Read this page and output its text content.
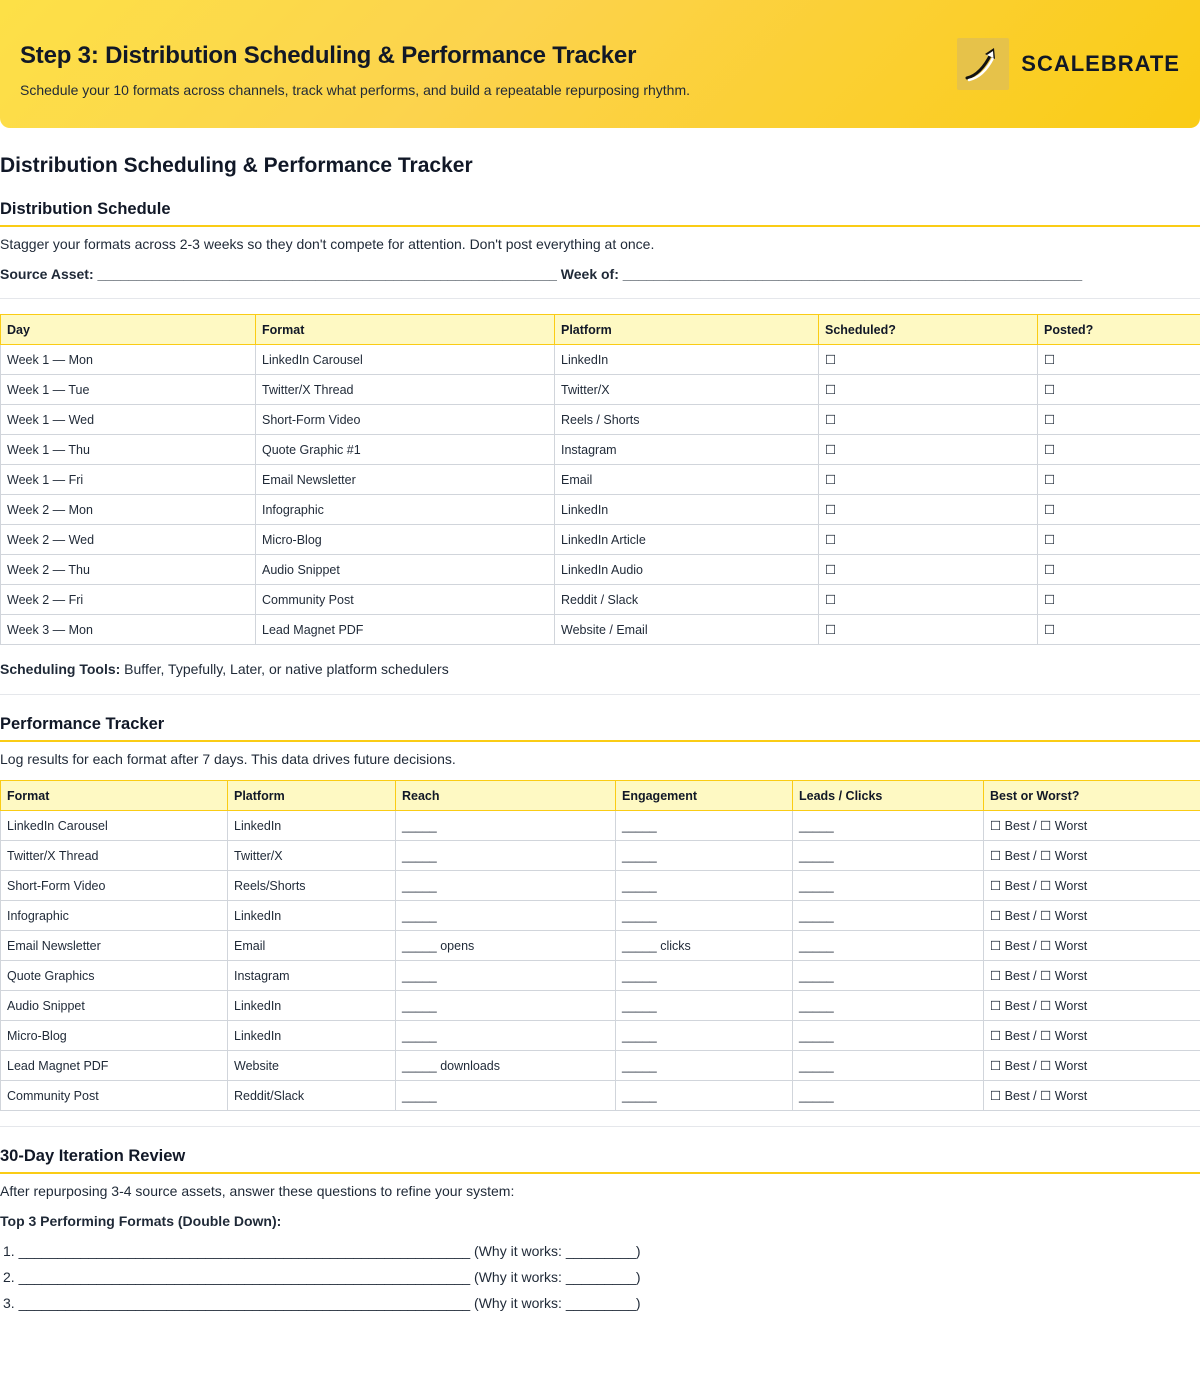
Step 3: Distribution Scheduling & Performance Tracker
Schedule your 10 formats across channels, track what performs, and build a repeatable repurposing rhythm.
SCALEBRATE
Distribution Scheduling & Performance Tracker
Distribution Schedule

Stagger your formats across 2-3 weeks so they don't compete for attention. Don't post everything at once.

Source Asset: ___________________________________________________________ Week of: ___________________________________________________________

Day	Format	Platform	Scheduled?	Posted?
Week 1 — Mon	LinkedIn Carousel	LinkedIn	☐	☐
Week 1 — Tue	Twitter/X Thread	Twitter/X	☐	☐
Week 1 — Wed	Short-Form Video	Reels / Shorts	☐	☐
Week 1 — Thu	Quote Graphic #1	Instagram	☐	☐
Week 1 — Fri	Email Newsletter	Email	☐	☐
Week 2 — Mon	Infographic	LinkedIn	☐	☐
Week 2 — Wed	Micro-Blog	LinkedIn Article	☐	☐
Week 2 — Thu	Audio Snippet	LinkedIn Audio	☐	☐
Week 2 — Fri	Community Post	Reddit / Slack	☐	☐
Week 3 — Mon	Lead Magnet PDF	Website / Email	☐	☐

Scheduling Tools: Buffer, Typefully, Later, or native platform schedulers

Performance Tracker

Log results for each format after 7 days. This data drives future decisions.

Format	Platform	Reach	Engagement	Leads / Clicks	Best or Worst?
LinkedIn Carousel	LinkedIn	_____	_____	_____	☐ Best / ☐ Worst
Twitter/X Thread	Twitter/X	_____	_____	_____	☐ Best / ☐ Worst
Short-Form Video	Reels/Shorts	_____	_____	_____	☐ Best / ☐ Worst
Infographic	LinkedIn	_____	_____	_____	☐ Best / ☐ Worst
Email Newsletter	Email	_____ opens	_____ clicks	_____	☐ Best / ☐ Worst
Quote Graphics	Instagram	_____	_____	_____	☐ Best / ☐ Worst
Audio Snippet	LinkedIn	_____	_____	_____	☐ Best / ☐ Worst
Micro-Blog	LinkedIn	_____	_____	_____	☐ Best / ☐ Worst
Lead Magnet PDF	Website	_____ downloads	_____	_____	☐ Best / ☐ Worst
Community Post	Reddit/Slack	_____	_____	_____	☐ Best / ☐ Worst
30-Day Iteration Review

After repurposing 3-4 source assets, answer these questions to refine your system:

Top 3 Performing Formats (Double Down):

1. __________________________________________________________ (Why it works: _________)
2. __________________________________________________________ (Why it works: _________)
3. __________________________________________________________ (Why it works: _________)
